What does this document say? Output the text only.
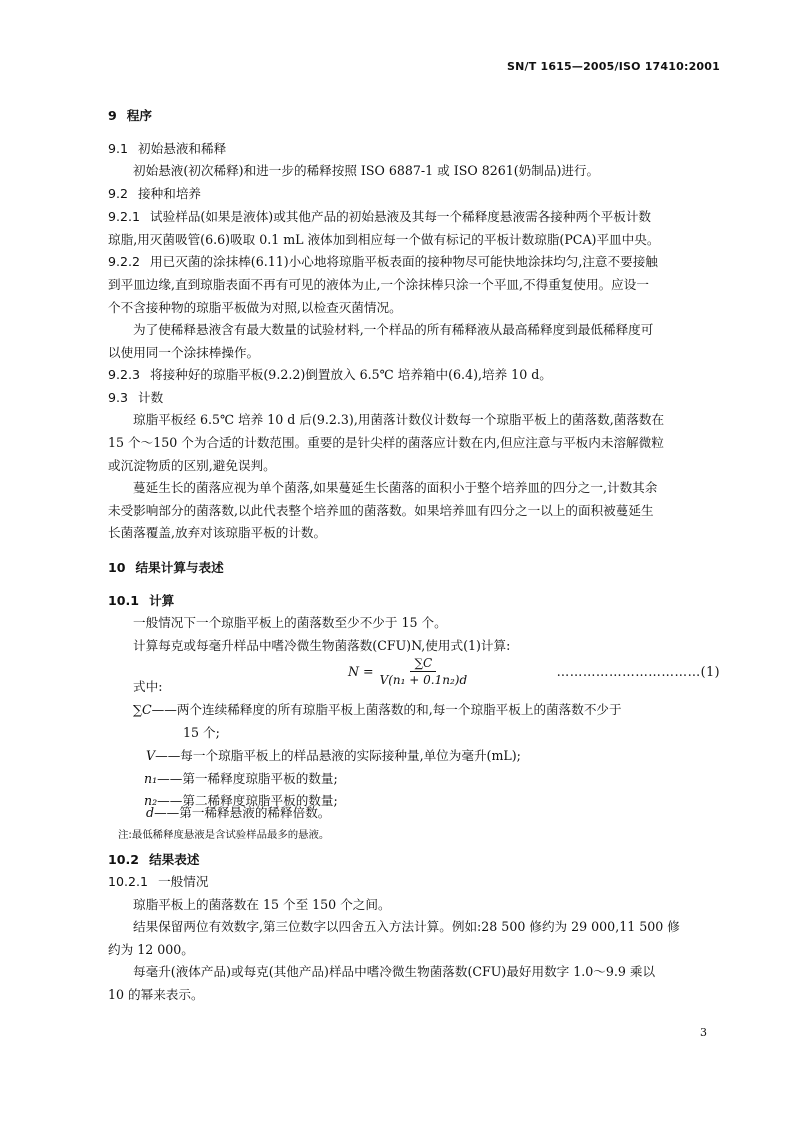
SN/T 1615—2005/ISO 17410:2001
9 程序
9.1 初始悬液和稀释
初始悬液(初次稀释)和进一步的稀释按照 ISO 6887-1 或 ISO 8261(奶制品)进行。
9.2 接种和培养
9.2.1 试验样品(如果是液体)或其他产品的初始悬液及其每一个稀释度悬液需各接种两个平板计数
琼脂,用灭菌吸管(6.6)吸取 0.1 mL 液体加到相应每一个做有标记的平板计数琼脂(PCA)平皿中央。
9.2.2 用已灭菌的涂抹棒(6.11)小心地将琼脂平板表面的接种物尽可能快地涂抹均匀,注意不要接触
到平皿边缘,直到琼脂表面不再有可见的液体为止,一个涂抹棒只涂一个平皿,不得重复使用。应设一
个不含接种物的琼脂平板做为对照,以检查灭菌情况。
为了使稀释悬液含有最大数量的试验材料,一个样品的所有稀释液从最高稀释度到最低稀释度可
以使用同一个涂抹棒操作。
9.2.3 将接种好的琼脂平板(9.2.2)倒置放入 6.5℃ 培养箱中(6.4),培养 10 d。
9.3 计数
琼脂平板经 6.5℃ 培养 10 d 后(9.2.3),用菌落计数仪计数每一个琼脂平板上的菌落数,菌落数在
15 个～150 个为合适的计数范围。重要的是针尖样的菌落应计数在内,但应注意与平板内未溶解微粒
或沉淀物质的区别,避免误判。
蔓延生长的菌落应视为单个菌落,如果蔓延生长菌落的面积小于整个培养皿的四分之一,计数其余
未受影响部分的菌落数,以此代表整个培养皿的菌落数。如果培养皿有四分之一以上的面积被蔓延生
长菌落覆盖,放弃对该琼脂平板的计数。
10 结果计算与表述
10.1 计算
一般情况下一个琼脂平板上的菌落数至少不少于 15 个。
计算每克或每毫升样品中嗜冷微生物菌落数(CFU)N,使用式(1)计算:
$N = \frac{\sum C}{\text{V(n₁ + 0.1n₂)d}}$	……………………………(1)
式中:
∑C——两个连续稀释度的所有琼脂平板上菌落数的和,每一个琼脂平板上的菌落数不少于
15 个;
V——每一个琼脂平板上的样品悬液的实际接种量,单位为毫升(mL);
n₁——第一稀释度琼脂平板的数量;
n₂——第二稀释度琼脂平板的数量;
d——第一稀释悬液的稀释倍数。
注:最低稀释度悬液是含试验样品最多的悬液。
10.2 结果表述
10.2.1 一般情况
琼脂平板上的菌落数在 15 个至 150 个之间。
结果保留两位有效数字,第三位数字以四舍五入方法计算。例如:28 500 修约为 29 000,11 500 修
约为 12 000。
每毫升(液体产品)或每克(其他产品)样品中嗜冷微生物菌落数(CFU)最好用数字 1.0～9.9 乘以
10 的幂来表示。
3
